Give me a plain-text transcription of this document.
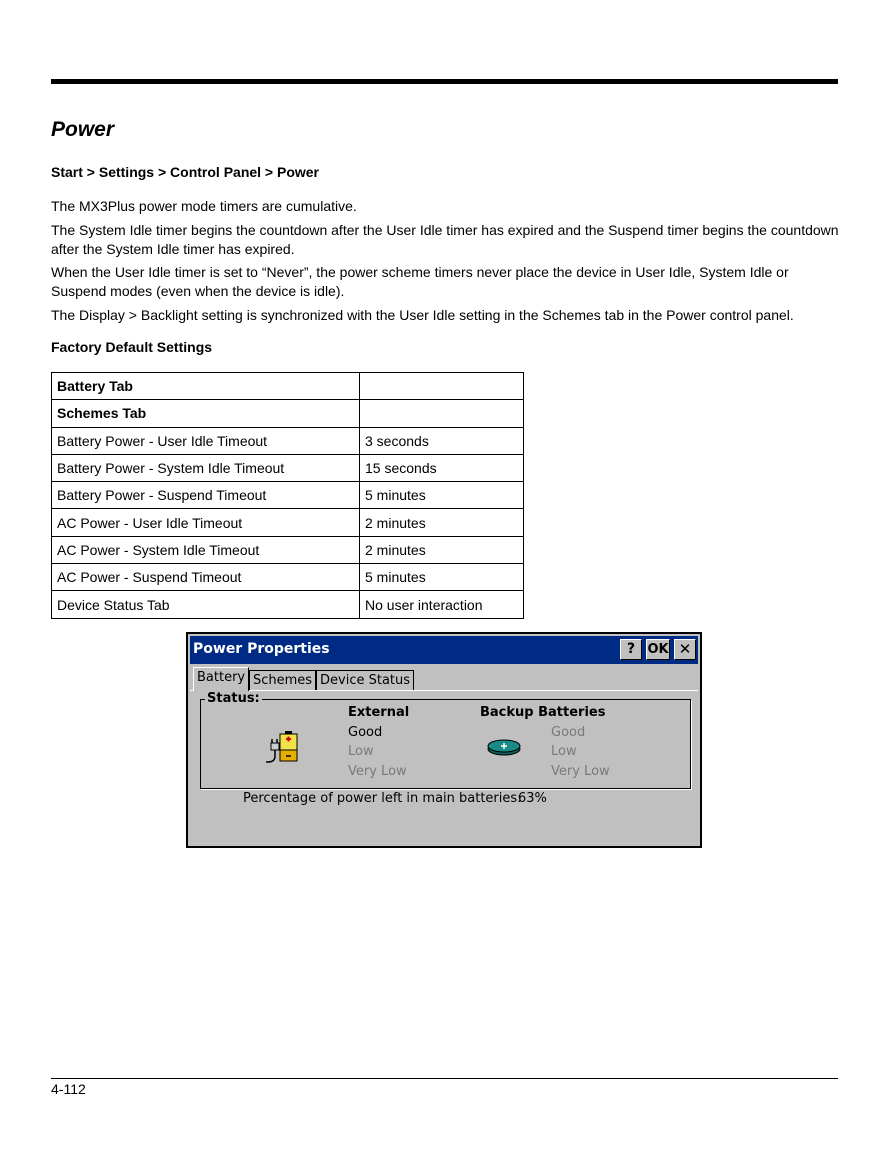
Power
Start > Settings > Control Panel > Power

The MX3Plus power mode timers are cumulative.

The System Idle timer begins the countdown after the User Idle timer has expired and the Suspend timer begins the countdown after the System Idle timer has expired.

When the User Idle timer is set to “Never”, the power scheme timers never place the device in User Idle, System Idle or Suspend modes (even when the device is idle).

The Display > Backlight setting is synchronized with the User Idle setting in the Schemes tab in the Power control panel.

Factory Default Settings
Battery Tab	
Schemes Tab	
Battery Power - User Idle Timeout	3 seconds
Battery Power - System Idle Timeout	15 seconds
Battery Power - Suspend Timeout	5 minutes
AC Power - User Idle Timeout	2 minutes
AC Power - System Idle Timeout	2 minutes
AC Power - Suspend Timeout	5 minutes
Device Status Tab	No user interaction
Power Properties	? OK ✕
Battery Schemes Device Status
Status:
External	Backup Batteries
Good
Low
Very Low
Good
Low
Very Low
Percentage of power left in main batteries:
63%
4-112
